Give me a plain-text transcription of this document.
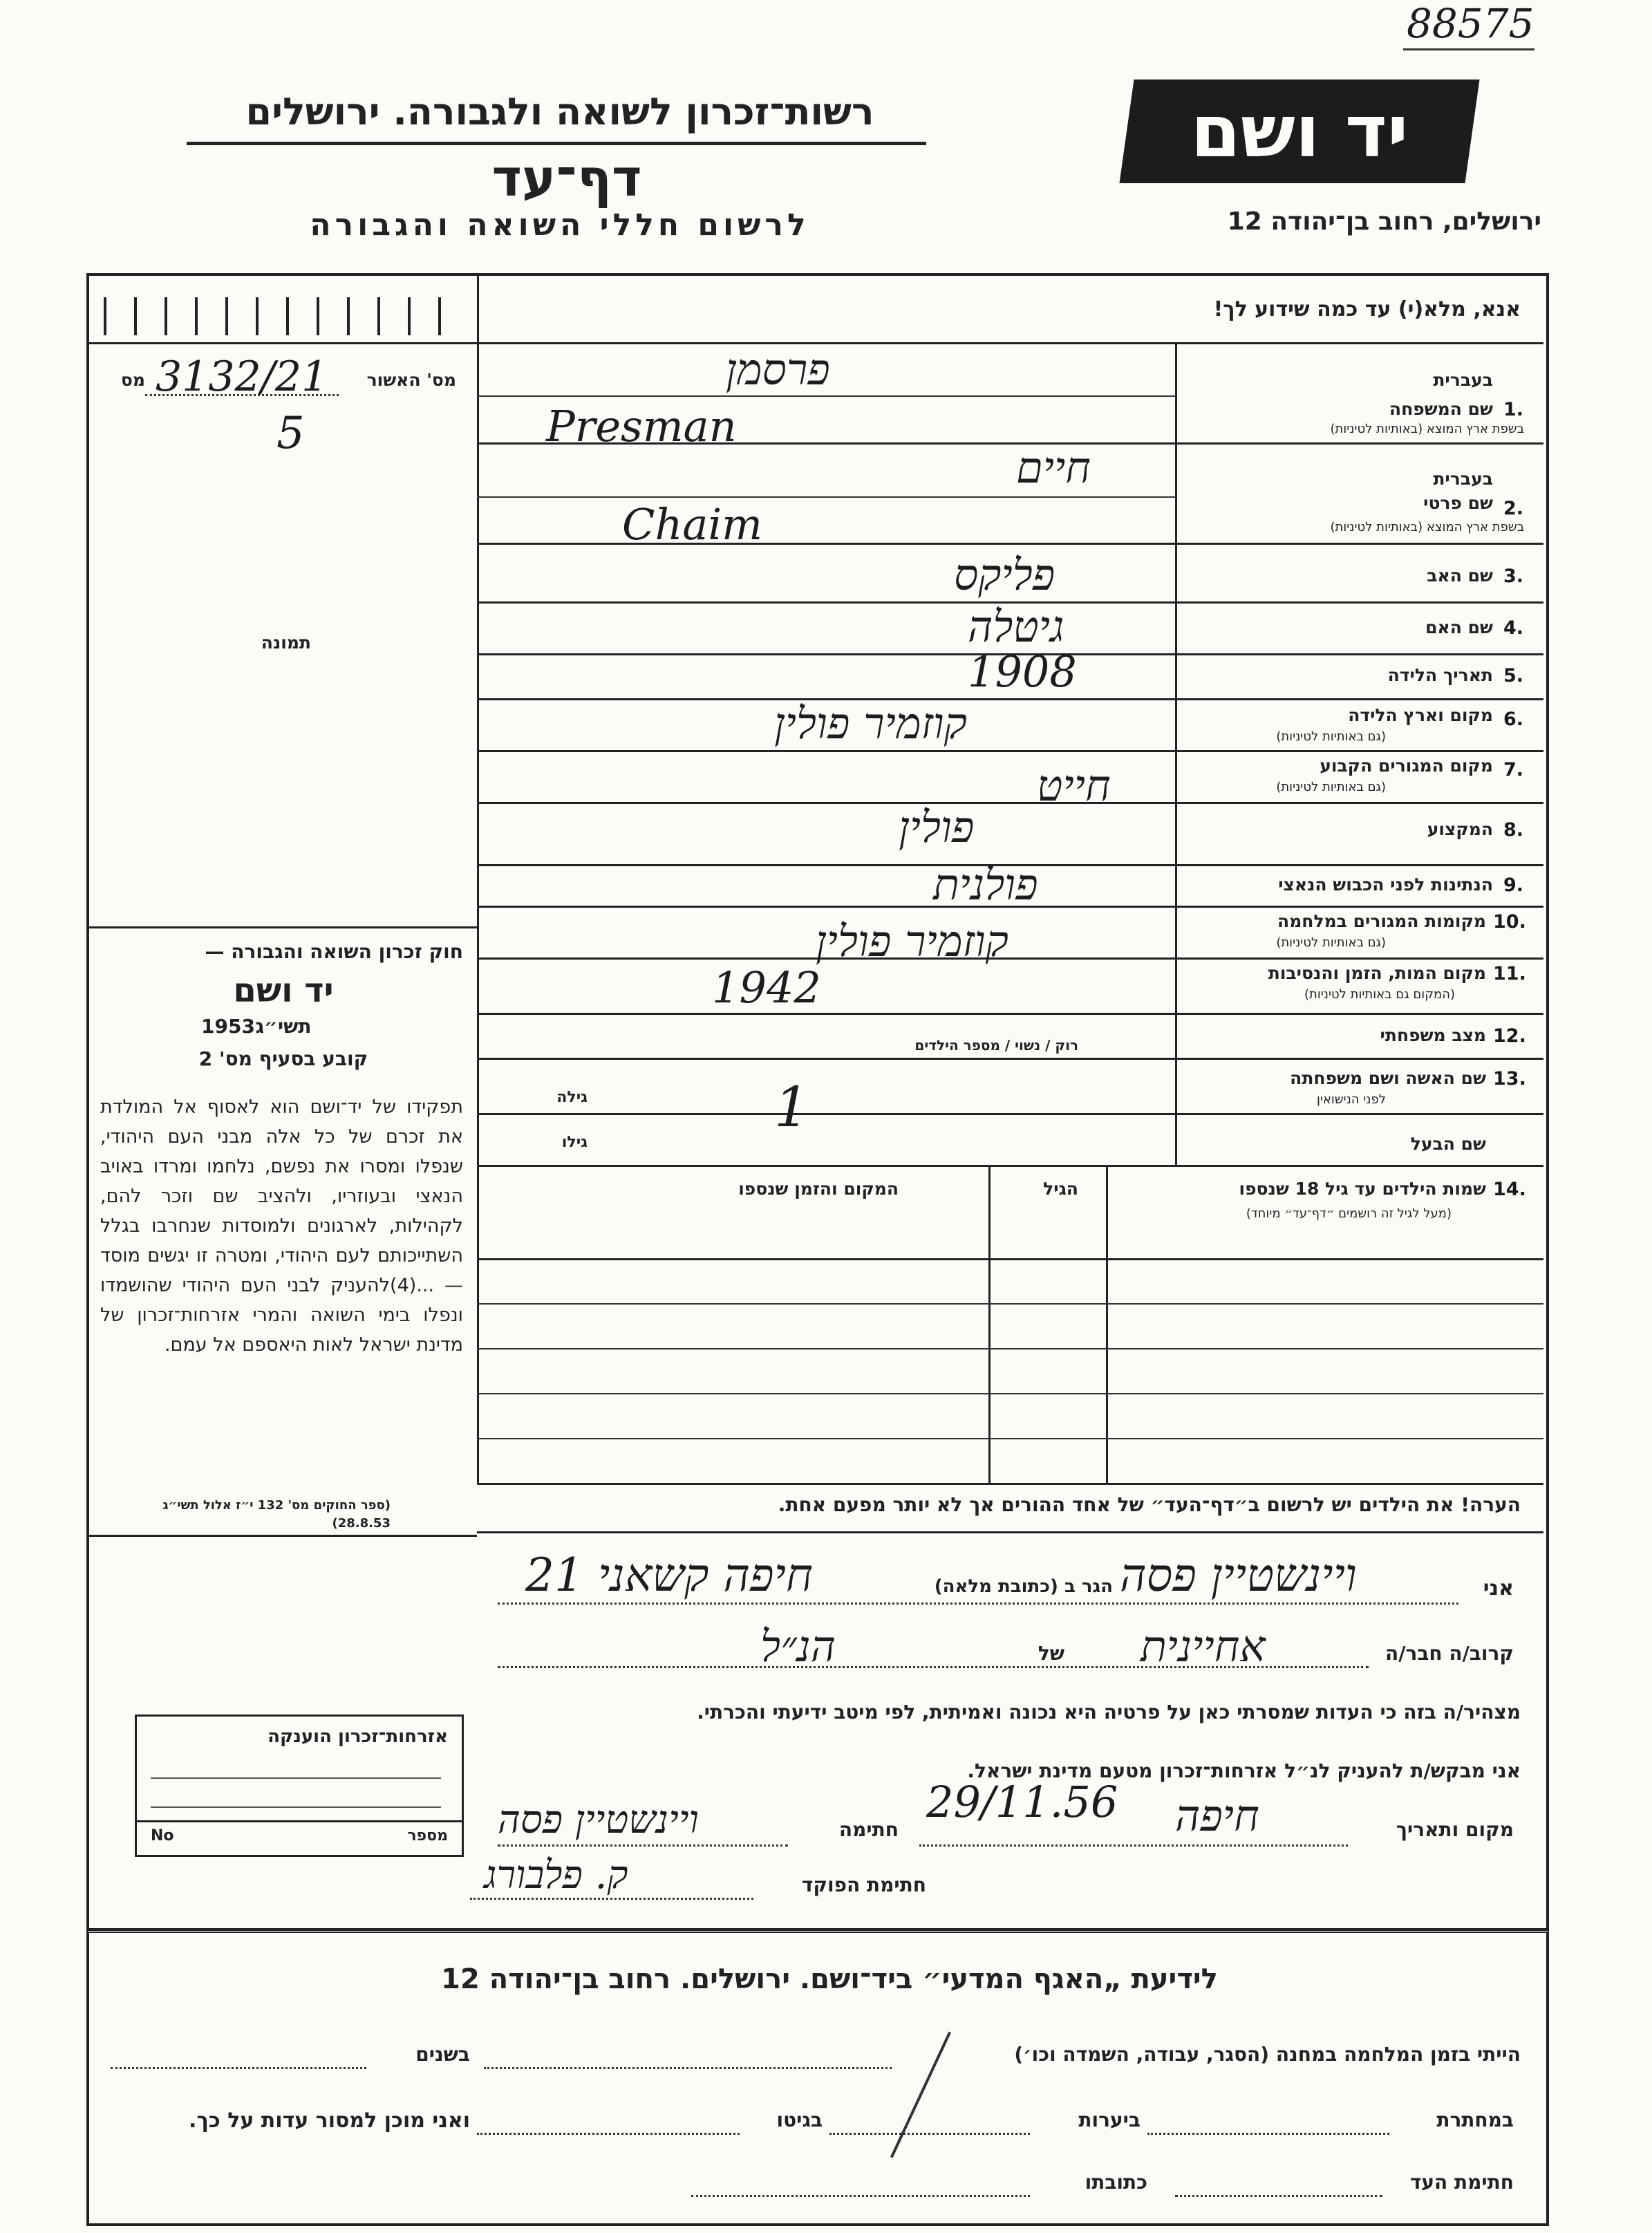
88575
רשות־זכרון לשואה ולגבורה. ירושלים
דף־עד
לרשום חללי השואה והגבורה
יד ושם
ירושלים, רחוב בן־יהודה 12
מס' האשור
מס 3132/21
5
תמונה
חוק זכרון השואה והגבורה —
יד ושם
תשי״ג
1953
קובע בסעיף מס' 2
תפקידו של יד־ושם הוא לאסוף אל המולדת את זכרם של כל אלה מבני העם היהודי, שנפלו ומסרו את נפשם, נלחמו ומרדו באויב הנאצי ובעוזריו, ולהציב שם וזכר להם, לקהילות, לארגונים ולמוסדות שנחרבו בגלל השתייכותם לעם היהודי, ומטרה זו יגשים מוסד — ...(4)להעניק לבני העם היהודי שהושמדו ונפלו בימי השואה והמרי אזרחות־זכרון של מדינת ישראל לאות היאספם אל עמם.
(ספר החוקים מס' 132 י״ז אלול תשי״ג 28.8.53)
אזרחות־זכרון הוענקה
מספר
No
אנא, מלא(י) עד כמה שידוע לך!
1.
שם המשפחה
בשפת ארץ המוצא (באותיות לטיניות)
בעברית
פרסמן
Presman
2.
שם פרטי
בשפת ארץ המוצא (באותיות לטיניות)
בעברית
חיים
Chaim
3.
שם האב
פליקס
4.
שם האם
גיטלה
5.
תאריך הלידה
1908
6.
מקום וארץ הלידה
(גם באותיות לטיניות)
קוזמיר פולין
7.
מקום המגורים הקבוע
(גם באותיות לטיניות)
פולין	8.
המקצוע
חייט
9.
הנתינות לפני הכבוש הנאצי
פולנית
10.
מקומות המגורים במלחמה
(גם באותיות לטיניות)
קוזמיר פולין
11.
מקום המות, הזמן והנסיבות
(המקום גם באותיות לטיניות)
1942
12.
מצב משפחתי
רוק / נשוי / מספר הילדים
13.
שם האשה ושם משפחתה
לפני הנישואין
גילה	1
שם הבעל
גילו
14.
שמות הילדים עד גיל 18 שנספו
(מעל לגיל זה רושמים ״דף־עד״ מיוחד)
הגיל
המקום והזמן שנספו
הערה! את הילדים יש לרשום ב״דף־העד״ של אחד ההורים אך לא יותר מפעם אחת.
אני
ויינשטיין פסה
הגר ב (כתובת מלאה)
חיפה קשאני 21
קרוב/ה חבר/ה
אחיינית
של
הנ״ל
מצהיר/ה בזה כי העדות שמסרתי כאן על פרטיה היא נכונה ואמיתית, לפי מיטב ידיעתי והכרתי.
אני מבקש/ת להעניק לנ״ל אזרחות־זכרון מטעם מדינת ישראל.
מקום ותאריך
חיפה
29/11.56
חתימה
ויינשטיין פסה
חתימת הפוקד
ק. פלבורג
לידיעת „האגף המדעי״ ביד־ושם. ירושלים. רחוב בן־יהודה 12
הייתי בזמן המלחמה במחנה (הסגר, עבודה, השמדה וכו׳)
בשנים
במחתרת
ביערות
בגיטו
ואני מוכן למסור עדות על כך.
חתימת העד
כתובתו
